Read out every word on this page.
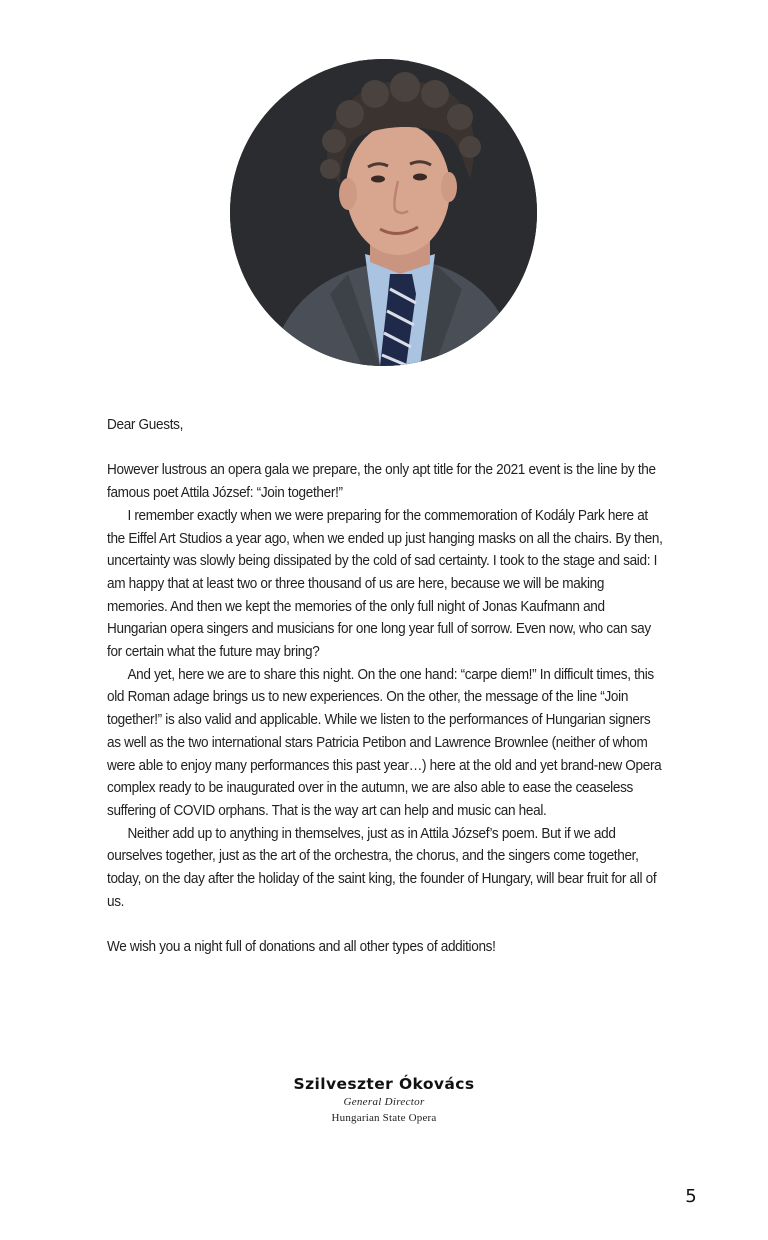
Dear Guests,

However lustrous an opera gala we prepare, the only apt title for the 2021 event is the line by the famous poet Attila József: “Join together!”

I remember exactly when we were preparing for the commemoration of Kodály Park here at the Eiffel Art Studios a year ago, when we ended up just hanging masks on all the chairs. By then, uncertainty was slowly being dissipated by the cold of sad certainty. I took to the stage and said: I am happy that at least two or three thousand of us are here, because we will be making memories. And then we kept the memories of the only full night of Jonas Kaufmann and Hungarian opera singers and musicians for one long year full of sorrow. Even now, who can say for certain what the future may bring?

And yet, here we are to share this night. On the one hand: “carpe diem!” In difficult times, this old Roman adage brings us to new experiences. On the other, the message of the line “Join together!” is also valid and applicable. While we listen to the performances of Hungarian signers as well as the two international stars Patricia Petibon and Lawrence Brownlee (neither of whom were able to enjoy many performances this past year…) here at the old and yet brand-new Opera complex ready to be inaugurated over in the autumn, we are also able to ease the ceaseless suffering of COVID orphans. That is the way art can help and music can heal.

Neither add up to anything in themselves, just as in Attila József’s poem. But if we add ourselves together, just as the art of the orchestra, the chorus, and the singers come together, today, on the day after the holiday of the saint king, the founder of Hungary, will bear fruit for all of us.

We wish you a night full of donations and all other types of additions!

Szilveszter Ókovács
General Director
Hungarian State Opera
5
